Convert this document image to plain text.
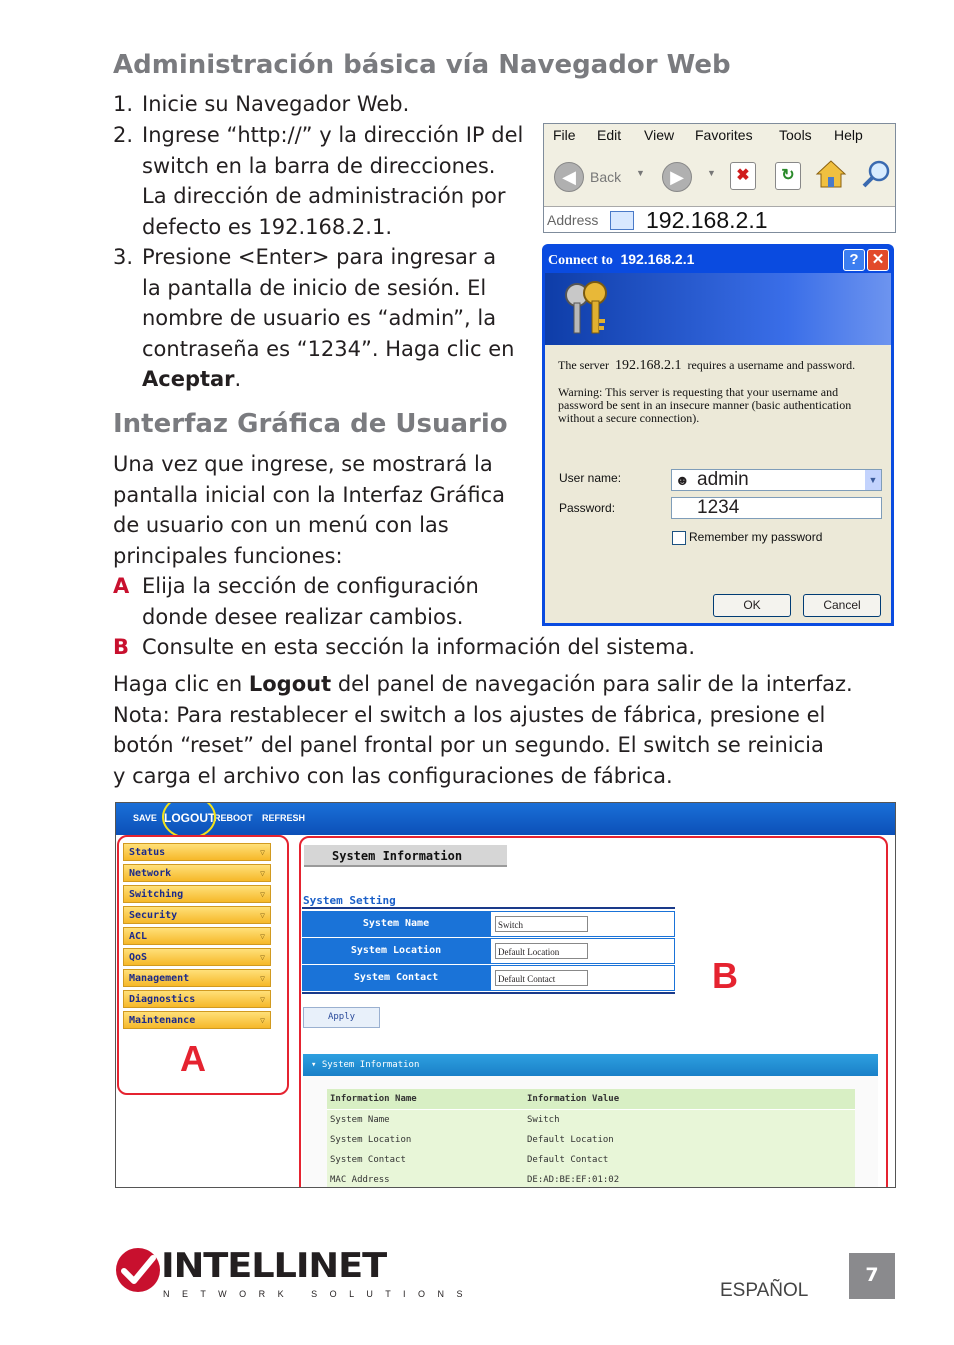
Administración básica vía Navegador Web
1. Inicie su Navegador Web.
2. Ingrese “http://” y la dirección IP del
switch en la barra de direcciones.
La dirección de administración por
defecto es 192.168.2.1.
3. Presione <Enter> para ingresar a
la pantalla de inicio de sesión. El
nombre de usuario es “admin”, la
contraseña es “1234”. Haga clic en
Aceptar.
File Edit View Favorites Tools Help
◀	Back ▼	▶	▼	✖	↻
Address 192.168.2.1
Connect to 192.168.2.1	? ✕
The server 192.168.2.1 requires a username and password.
Warning: This server is requesting that your username and
password be sent in an insecure manner (basic authentication
without a secure connection).
User name:	☻ admin	▼
Password:	1234
Remember my password
OK	Cancel
Interfaz Gráfica de Usuario
Una vez que ingrese, se mostrará la
pantalla inicial con la Interfaz Gráfica
de usuario con un menú con las
principales funciones:
A Elija la sección de configuración
donde desee realizar cambios.
B Consulte en esta sección la información del sistema.
Haga clic en Logout del panel de navegación para salir de la interfaz.
Nota: Para restablecer el switch a los ajustes de fábrica, presione el
botón “reset” del panel frontal por un segundo. El switch se reinicia
y carga el archivo con las configuraciones de fábrica.
SAVE LOGOUT
REBOOT REFRESH
Status	▽
Network	▽
Switching	▽
Security	▽
ACL	▽
QoS	▽
Management	▽
Diagnostics	▽
Maintenance	▽
A
System Information
System Setting
System Name	Switch
System Location	Default Location
System Contact	Default Contact
Apply
▾ System Information
Information Name	Information Value
System Name	Switch
System Location	Default Location
System Contact	Default Contact
MAC Address	DE:AD:BE:EF:01:02
B
INTELLINET
N E T W O R K   S O L U T I O N S	ESPAÑOL
7
